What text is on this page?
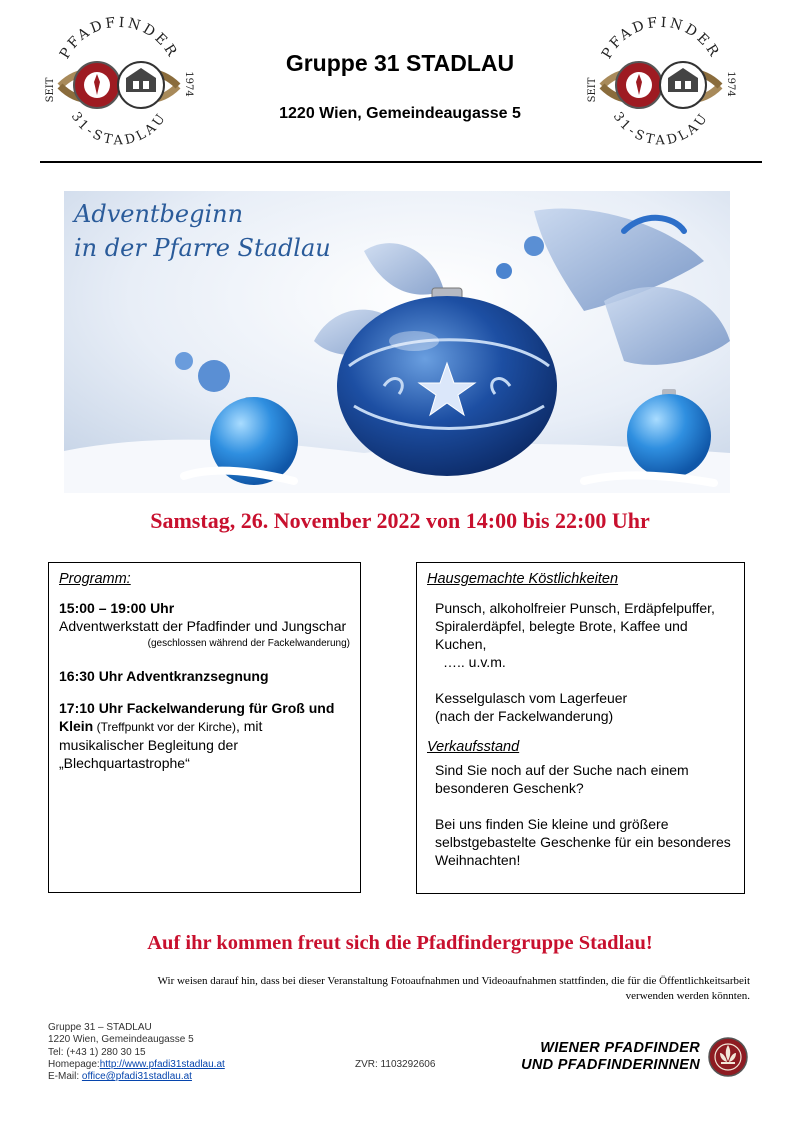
PFADFINDER
31-STADLAU
SEIT	1974
Gruppe 31 STADLAU
1220 Wien, Gemeindeaugasse 5
PFADFINDER
31-STADLAU
SEIT	1974
Adventbeginn
in der Pfarre Stadlau
Samstag, 26. November 2022 von 14:00 bis 22:00 Uhr
Programm:
15:00 – 19:00 Uhr
Adventwerkstatt der Pfadfinder und Jungschar
(geschlossen während der Fackelwanderung)
16:30 Uhr Adventkranzsegnung
17:10 Uhr Fackelwanderung für Groß und Klein (Treffpunkt vor der Kirche), mit musikalischer Begleitung der „Blechquartastrophe“
Hausgemachte Köstlichkeiten
Punsch, alkoholfreier Punsch, Erdäpfelpuffer, Spiralerdäpfel, belegte Brote, Kaffee und Kuchen,
….. u.v.m.
Kesselgulasch vom Lagerfeuer
(nach der Fackelwanderung)
Verkaufsstand
Sind Sie noch auf der Suche nach einem besonderen Geschenk?
Bei uns finden Sie kleine und größere selbstgebastelte Geschenke für ein besonderes Weihnachten!
Auf ihr kommen freut sich die Pfadfindergruppe Stadlau!
Wir weisen darauf hin, dass bei dieser Veranstaltung Fotoaufnahmen und Videoaufnahmen stattfinden, die für die Öffentlichkeitsarbeit verwenden werden könnten.
Gruppe 31 – STADLAU
1220 Wien, Gemeindeaugasse 5
Tel: (+43 1) 280 30 15
Homepage:http://www.pfadi31stadlau.at
E-Mail: office@pfadi31stadlau.at
ZVR: 1103292606
WIENER PFADFINDER
UND PFADFINDERINNEN
